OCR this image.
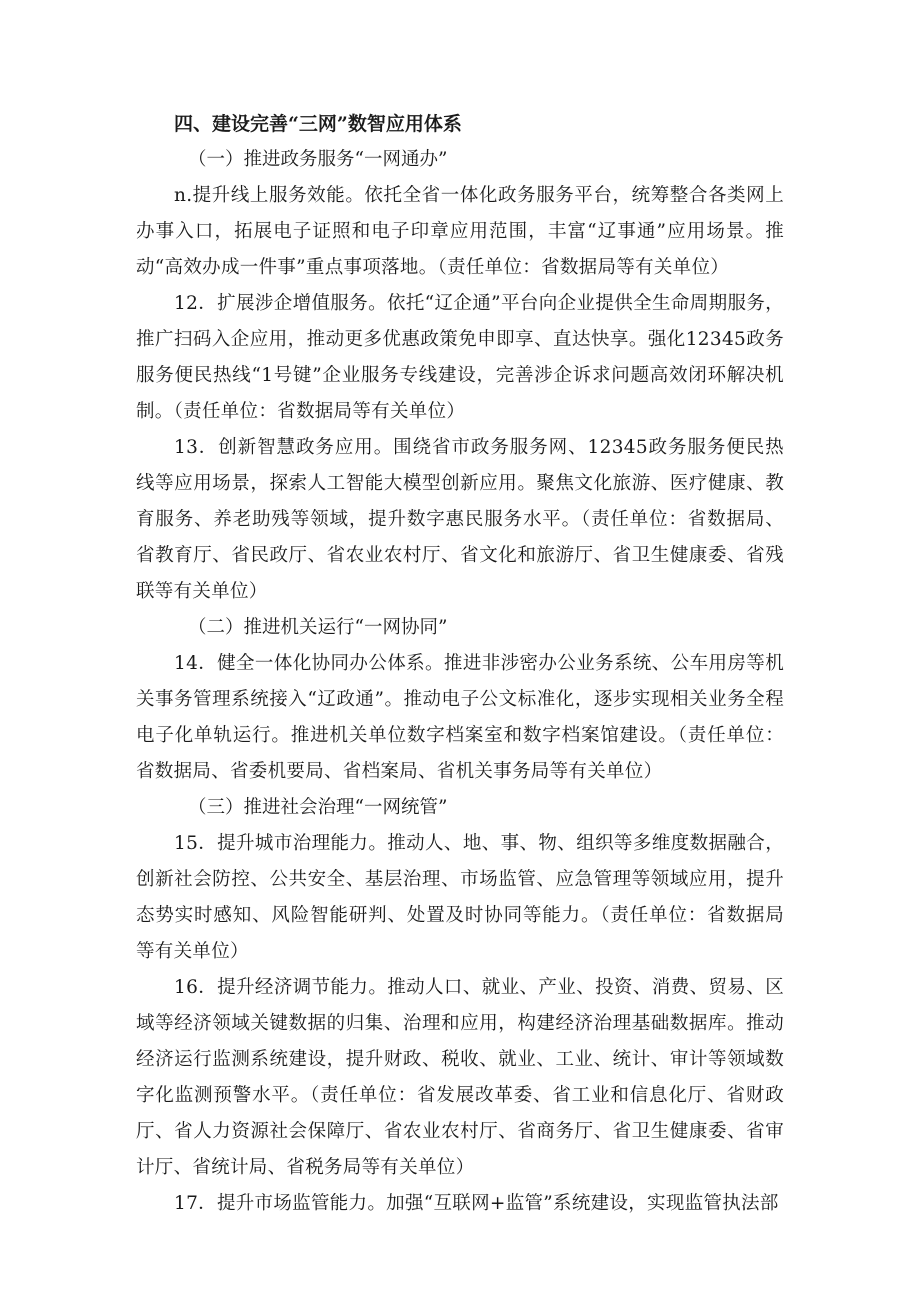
四、建设完善“三网”数智应用体系

（一）推进政务服务“一网通办”

n.提升线上服务效能。依托全省一体化政务服务平台，统筹整合各类网上办事入口，拓展电子证照和电子印章应用范围，丰富“辽事通”应用场景。推动“高效办成一件事”重点事项落地。（责任单位：省数据局等有关单位）

12．扩展涉企增值服务。依托“辽企通”平台向企业提供全生命周期服务，推广扫码入企应用，推动更多优惠政策免申即享、直达快享。强化12345政务服务便民热线“1号键”企业服务专线建设，完善涉企诉求问题高效闭环解决机制。（责任单位：省数据局等有关单位）

13．创新智慧政务应用。围绕省市政务服务网、12345政务服务便民热线等应用场景，探索人工智能大模型创新应用。聚焦文化旅游、医疗健康、教育服务、养老助残等领域，提升数字惠民服务水平。（责任单位：省数据局、省教育厅、省民政厅、省农业农村厅、省文化和旅游厅、省卫生健康委、省残联等有关单位）

（二）推进机关运行“一网协同”

14．健全一体化协同办公体系。推进非涉密办公业务系统、公车用房等机关事务管理系统接入“辽政通”。推动电子公文标准化，逐步实现相关业务全程电子化单轨运行。推进机关单位数字档案室和数字档案馆建设。（责任单位：省数据局、省委机要局、省档案局、省机关事务局等有关单位）

（三）推进社会治理“一网统管”

15．提升城市治理能力。推动人、地、事、物、组织等多维度数据融合，创新社会防控、公共安全、基层治理、市场监管、应急管理等领域应用，提升态势实时感知、风险智能研判、处置及时协同等能力。（责任单位：省数据局等有关单位）

16．提升经济调节能力。推动人口、就业、产业、投资、消费、贸易、区域等经济领域关键数据的归集、治理和应用，构建经济治理基础数据库。推动经济运行监测系统建设，提升财政、税收、就业、工业、统计、审计等领域数字化监测预警水平。（责任单位：省发展改革委、省工业和信息化厅、省财政厅、省人力资源社会保障厅、省农业农村厅、省商务厅、省卫生健康委、省审计厅、省统计局、省税务局等有关单位）

17．提升市场监管能力。加强“互联网+监管”系统建设，实现监管执法部
